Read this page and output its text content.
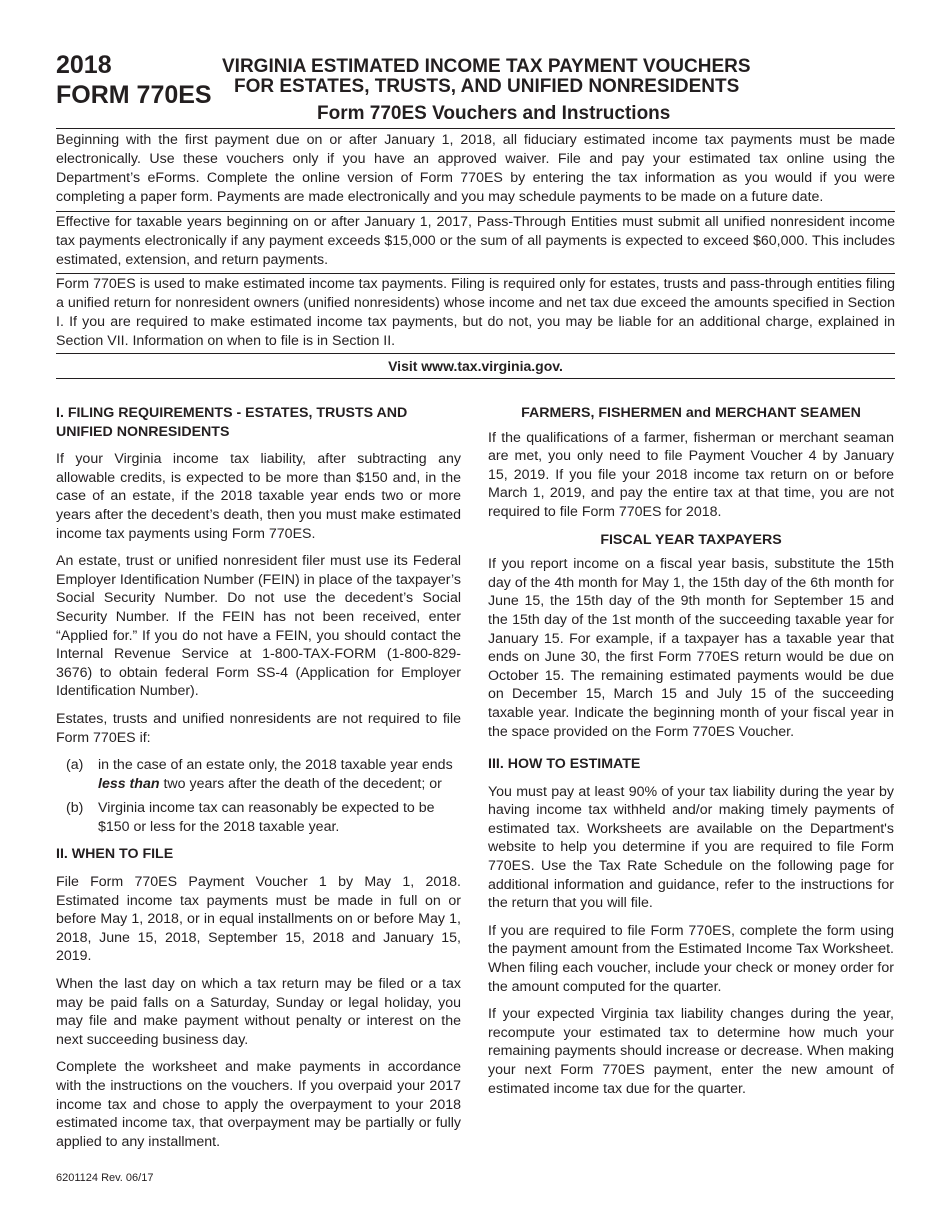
2018
FORM 770ES
VIRGINIA ESTIMATED INCOME TAX PAYMENT VOUCHERS
FOR ESTATES, TRUSTS, AND UNIFIED NONRESIDENTS
Form 770ES Vouchers and Instructions

Beginning with the first payment due on or after January 1, 2018, all fiduciary estimated income tax payments must be made electronically. Use these vouchers only if you have an approved waiver. File and pay your estimated tax online using the Department’s eForms. Complete the online version of Form 770ES by entering the tax information as you would if you were completing a paper form. Payments are made electronically and you may schedule payments to be made on a future date.

Effective for taxable years beginning on or after January 1, 2017, Pass-Through Entities must submit all unified nonresident income tax payments electronically if any payment exceeds $15,000 or the sum of all payments is expected to exceed $60,000. This includes estimated, extension, and return payments.

Form 770ES is used to make estimated income tax payments. Filing is required only for estates, trusts and pass-through entities filing a unified return for nonresident owners (unified nonresidents) whose income and net tax due exceed the amounts specified in Section I. If you are required to make estimated income tax payments, but do not, you may be liable for an additional charge, explained in Section VII. Information on when to file is in Section II.

Visit www.tax.virginia.gov.
I. FILING REQUIREMENTS - ESTATES, TRUSTS AND UNIFIED NONRESIDENTS

If your Virginia income tax liability, after subtracting any allowable credits, is expected to be more than $150 and, in the case of an estate, if the 2018 taxable year ends two or more years after the decedent’s death, then you must make estimated income tax payments using Form 770ES.

An estate, trust or unified nonresident filer must use its Federal Employer Identification Number (FEIN) in place of the taxpayer’s Social Security Number. Do not use the decedent’s Social Security Number. If the FEIN has not been received, enter “Applied for.” If you do not have a FEIN, you should contact the Internal Revenue Service at 1-800-TAX-FORM (1-800-829-3676) to obtain federal Form SS-4 (Application for Employer Identification Number).

Estates, trusts and unified nonresidents are not required to file Form 770ES if:

(a)	in the case of an estate only, the 2018 taxable year ends less than two years after the death of the decedent; or
(b)	Virginia income tax can reasonably be expected to be $150 or less for the 2018 taxable year.
II. WHEN TO FILE

File Form 770ES Payment Voucher 1 by May 1, 2018. Estimated income tax payments must be made in full on or before May 1, 2018, or in equal installments on or before May 1, 2018, June 15, 2018, September 15, 2018 and January 15, 2019.

When the last day on which a tax return may be filed or a tax may be paid falls on a Saturday, Sunday or legal holiday, you may file and make payment without penalty or interest on the next succeeding business day.

Complete the worksheet and make payments in accordance with the instructions on the vouchers. If you overpaid your 2017 income tax and chose to apply the overpayment to your 2018 estimated income tax, that overpayment may be partially or fully applied to any installment.

FARMERS, FISHERMEN and MERCHANT SEAMEN

If the qualifications of a farmer, fisherman or merchant seaman are met, you only need to file Payment Voucher 4 by January 15, 2019. If you file your 2018 income tax return on or before March 1, 2019, and pay the entire tax at that time, you are not required to file Form 770ES for 2018.

FISCAL YEAR TAXPAYERS

If you report income on a fiscal year basis, substitute the 15th day of the 4th month for May 1, the 15th day of the 6th month for June 15, the 15th day of the 9th month for September 15 and the 15th day of the 1st month of the succeeding taxable year for January 15. For example, if a taxpayer has a taxable year that ends on June 30, the first Form 770ES return would be due on October 15. The remaining estimated payments would be due on December 15, March 15 and July 15 of the succeeding taxable year. Indicate the beginning month of your fiscal year in the space provided on the Form 770ES Voucher.

III. HOW TO ESTIMATE

You must pay at least 90% of your tax liability during the year by having income tax withheld and/or making timely payments of estimated tax. Worksheets are available on the Department's website to help you determine if you are required to file Form 770ES. Use the Tax Rate Schedule on the following page for additional information and guidance, refer to the instructions for the return that you will file.

If you are required to file Form 770ES, complete the form using the payment amount from the Estimated Income Tax Worksheet. When filing each voucher, include your check or money order for the amount computed for the quarter.

If your expected Virginia tax liability changes during the year, recompute your estimated tax to determine how much your remaining payments should increase or decrease. When making your next Form 770ES payment, enter the new amount of estimated income tax due for the quarter.

6201124 Rev. 06/17
